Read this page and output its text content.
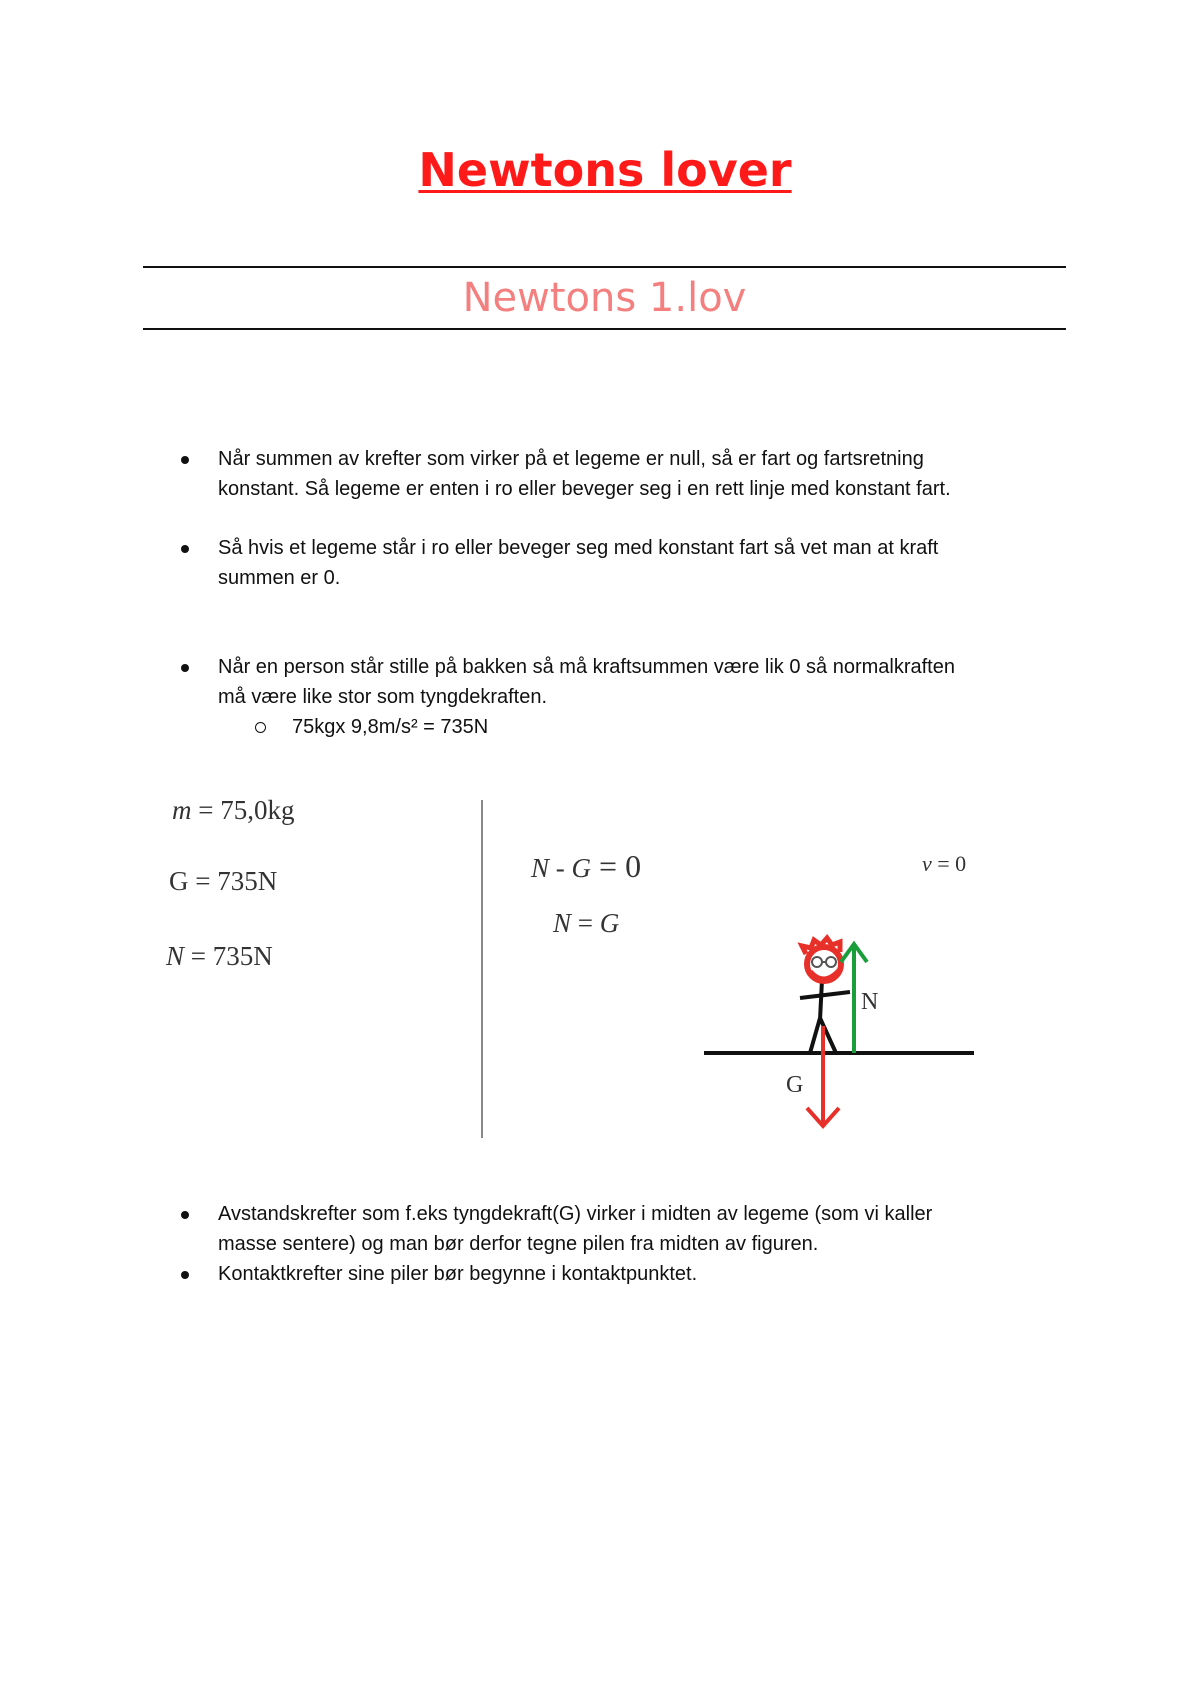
Newtons lover
Newtons 1.lov
Når summen av krefter som virker på et legeme er null, så er fart og fartsretning
konstant. Så legeme er enten i ro eller beveger seg i en rett linje med konstant fart.
Så hvis et legeme står i ro eller beveger seg med konstant fart så vet man at kraft
summen er 0.
Når en person står stille på bakken så må kraftsummen være lik 0 så normalkraften
må være like stor som tyngdekraften.
75kgx 9,8m/s² = 735N
m = 75,0kg
G = 735N
N = 735N
N - G = 0
N = G
v = 0
N
G
Avstandskrefter som f.eks tyngdekraft(G) virker i midten av legeme (som vi kaller
masse sentere) og man bør derfor tegne pilen fra midten av figuren.
Kontaktkrefter sine piler bør begynne i kontaktpunktet.
